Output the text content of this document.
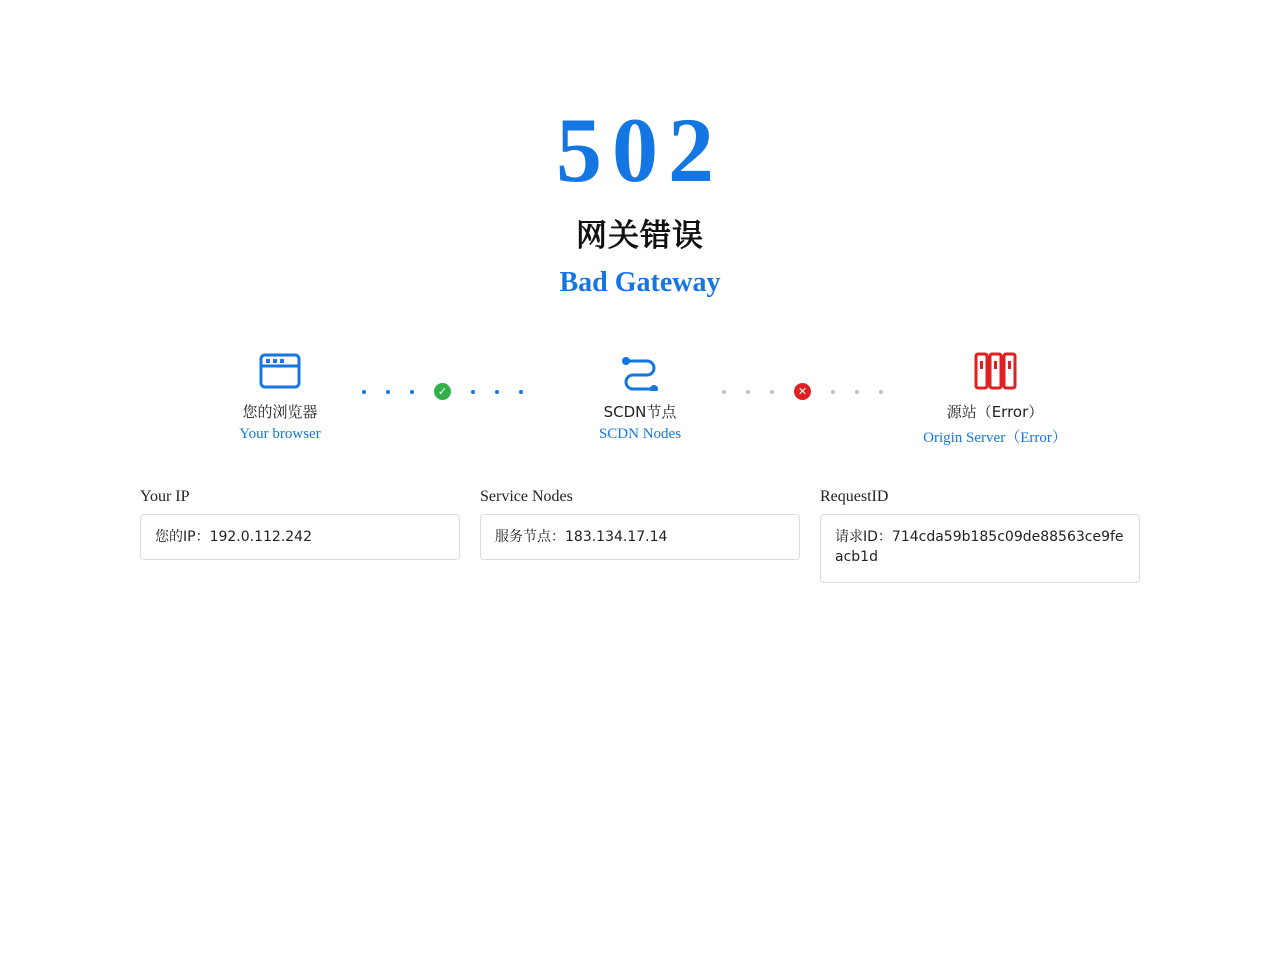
502
网关错误
Bad Gateway
您的浏览器
Your browser
✓
SCDN节点
SCDN Nodes
✕
源站（Error）
Origin Server（Error）
Your IP
您的IP：192.0.112.242
Service Nodes
服务节点：183.134.17.14
RequestID
请求ID：714cda59b185c09de88563ce9feacb1d
